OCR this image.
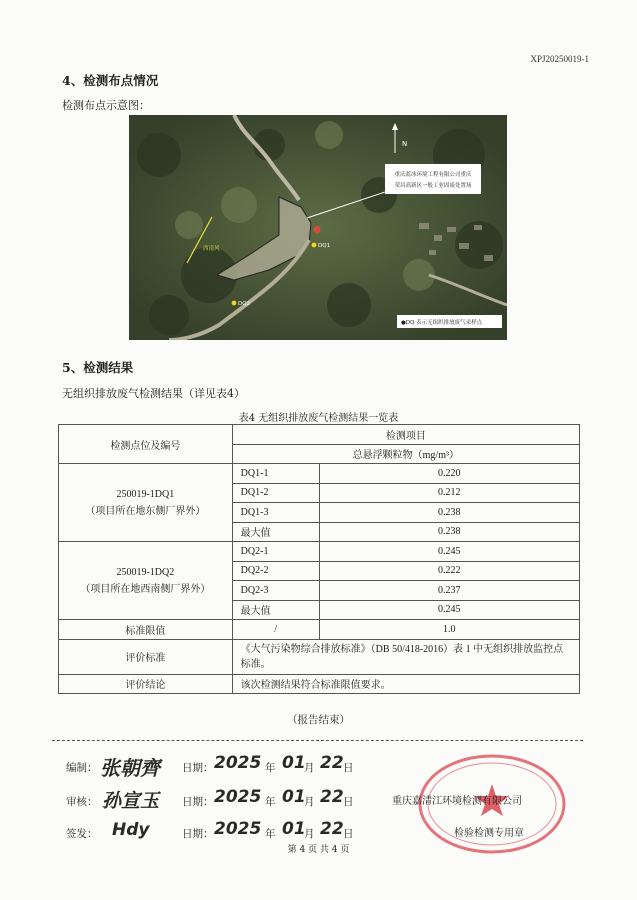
XPJ20250019-1
4、检测布点情况
检测布点示意图：
西南风
N
重庆蓝冰环境工程有限公司重庆
荣昌高新区一般工业固废处置场
DQ1
DQ2
●DQ 表示无组织排放废气采样点
5、检测结果
无组织排放废气检测结果（详见表4）
表4 无组织排放废气检测结果一览表
检测点位及编号	检测项目	
	总悬浮颗粒物（mg/m³）	

250019-1DQ1
（项目所在地东侧厂界外）	DQ1-1	0.220
	DQ1-2	0.212
	DQ1-3	0.238
	最大值	0.238

250019-1DQ2
（项目所在地西南侧厂界外）	DQ2-1	0.245
	DQ2-2	0.222
	DQ2-3	0.237
	最大值	0.245
标准限值	/	1.0
评价标准	《大气污染物综合排放标准》（DB 50/418-2016）表 1 中无组织排放监控点标准。	
评价结论	该次检测结果符合标准限值要求。	
（报告结束）
编制： 张朝齊 日期： 2025 年 01
月 22 日
审核： 孙宣玉 日期： 2025 年 01
月 22 日
签发： Hdy	日期： 2025 年 01
月 22 日
重庆嘉清江环境检测有限公司
检验检测专用章
第 4 页 共 4 页
